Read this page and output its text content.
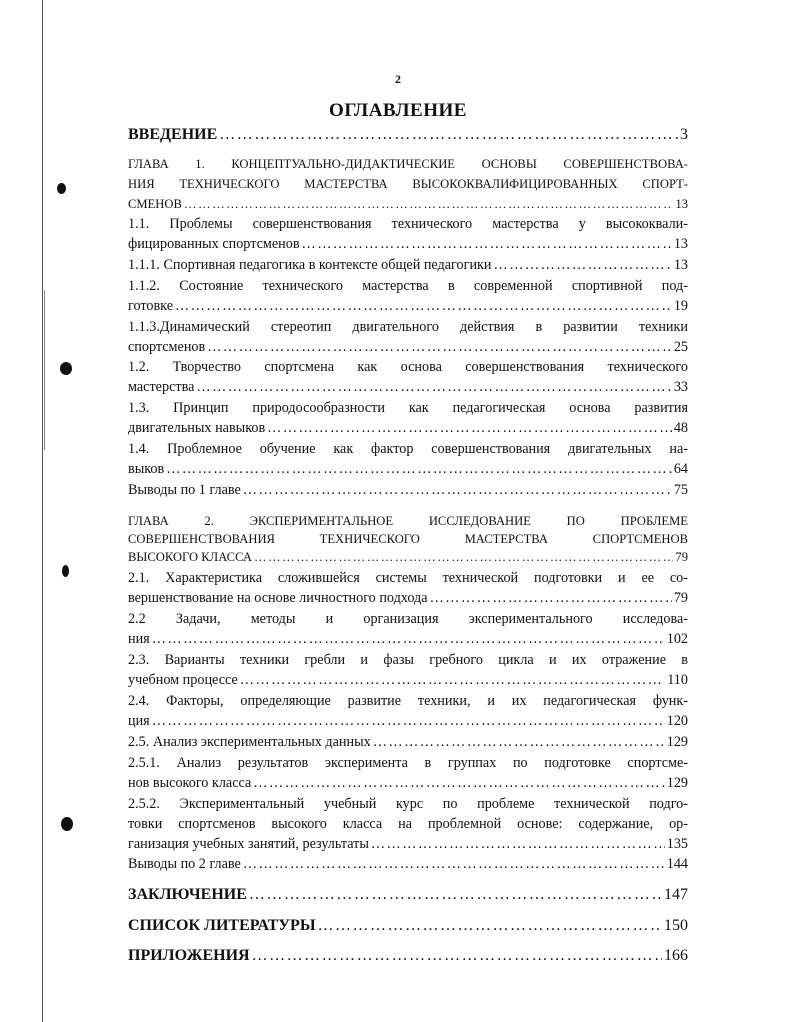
2
ОГЛАВЛЕНИЕ
ВВЕДЕНИЕ ……………………………………………………………………………………………………………………………………………………………………………………………………	3
ГЛАВА 1. КОНЦЕПТУАЛЬНО-ДИДАКТИЧЕСКИЕ ОСНОВЫ СОВЕРШЕНСТВОВА-
НИЯ ТЕХНИЧЕСКОГО МАСТЕРСТВА ВЫСОКОКВАЛИФИЦИРОВАННЫХ СПОРТ-
СМЕНОВ ……………………………………………………………………………………………………………………………………………………………………………………………………	13
1.1. Проблемы совершенствования технического мастерства у высококвали-
фицированных спортсменов ……………………………………………………………………………………………………………………………………………………………………………………………………	13
1.1.1. Спортивная педагогика в контексте общей педагогики ……………………………………………………………………………………………………………………………………………………………………………………………………	13
1.1.2. Состояние технического мастерства в современной спортивной под-
готовке ……………………………………………………………………………………………………………………………………………………………………………………………………	19
1.1.3.Динамический стереотип двигательного действия в развитии техники
спортсменов ……………………………………………………………………………………………………………………………………………………………………………………………………	25
1.2. Творчество спортсмена как основа совершенствования технического
мастерства ……………………………………………………………………………………………………………………………………………………………………………………………………	33
1.3. Принцип природосообразности как педагогическая основа развития
двигательных навыков ……………………………………………………………………………………………………………………………………………………………………………………………………	48
1.4. Проблемное обучение как фактор совершенствования двигательных на-
выков ……………………………………………………………………………………………………………………………………………………………………………………………………	64
Выводы по 1 главе ……………………………………………………………………………………………………………………………………………………………………………………………………	75
ГЛАВА 2. ЭКСПЕРИМЕНТАЛЬНОЕ ИССЛЕДОВАНИЕ ПО ПРОБЛЕМЕ
СОВЕРШЕНСТВОВАНИЯ ТЕХНИЧЕСКОГО МАСТЕРСТВА СПОРТСМЕНОВ
ВЫСОКОГО КЛАССА ……………………………………………………………………………………………………………………………………………………………………………………………………	79
2.1. Характеристика сложившейся системы технической подготовки и ее со-
вершенствование на основе личностного подхода ……………………………………………………………………………………………………………………………………………………………………………………………………	79
2.2 Задачи, методы и организация экспериментального исследова-
ния ……………………………………………………………………………………………………………………………………………………………………………………………………	102
2.3. Варианты техники гребли и фазы гребного цикла и их отражение в
учебном процессе ……………………………………………………………………………………………………………………………………………………………………………………………………	110
2.4. Факторы, определяющие развитие техники, и их педагогическая функ-
ция ……………………………………………………………………………………………………………………………………………………………………………………………………	120
2.5. Анализ экспериментальных данных ……………………………………………………………………………………………………………………………………………………………………………………………………	129
2.5.1. Анализ результатов эксперимента в группах по подготовке спортсме-
нов высокого класса ……………………………………………………………………………………………………………………………………………………………………………………………………	129
2.5.2. Экспериментальный учебный курс по проблеме технической подго-
товки спортсменов высокого класса на проблемной основе: содержание, ор-
ганизация учебных занятий, результаты ……………………………………………………………………………………………………………………………………………………………………………………………………	135
Выводы по 2 главе ……………………………………………………………………………………………………………………………………………………………………………………………………	144
ЗАКЛЮЧЕНИЕ ……………………………………………………………………………………………………………………………………………………………………………………………………	147
СПИСОК ЛИТЕРАТУРЫ ……………………………………………………………………………………………………………………………………………………………………………………………………	150
ПРИЛОЖЕНИЯ ……………………………………………………………………………………………………………………………………………………………………………………………………	166
